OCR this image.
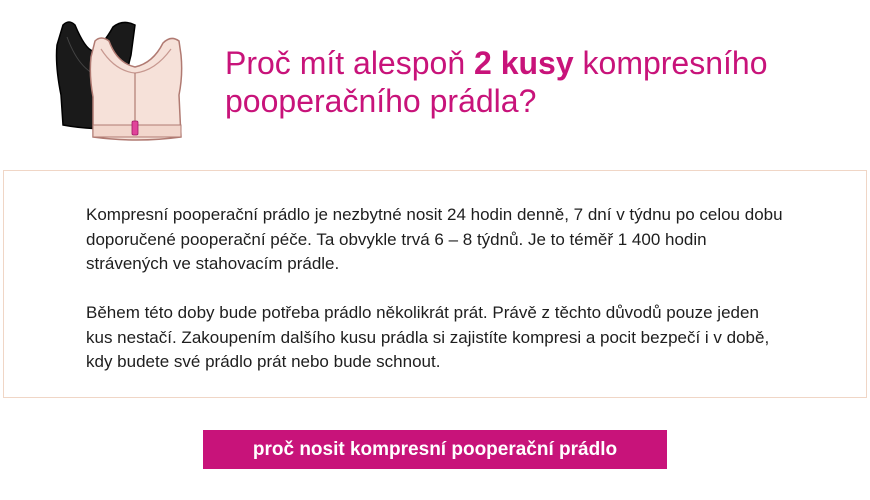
Proč mít alespoň 2 kusy kompresního pooperačního prádla?

Kompresní pooperační prádlo je nezbytné nosit 24 hodin denně, 7 dní v týdnu po celou dobu doporučené pooperační péče. Ta obvykle trvá 6 – 8 týdnů. Je to téměř 1 400 hodin strávených ve stahovacím prádle.

Během této doby bude potřeba prádlo několikrát prát. Právě z těchto důvodů pouze jeden kus nestačí. Zakoupením dalšího kusu prádla si zajistíte kompresi a pocit bezpečí i v době, kdy budete své prádlo prát nebo bude schnout.

proč nosit kompresní pooperační prádlo
